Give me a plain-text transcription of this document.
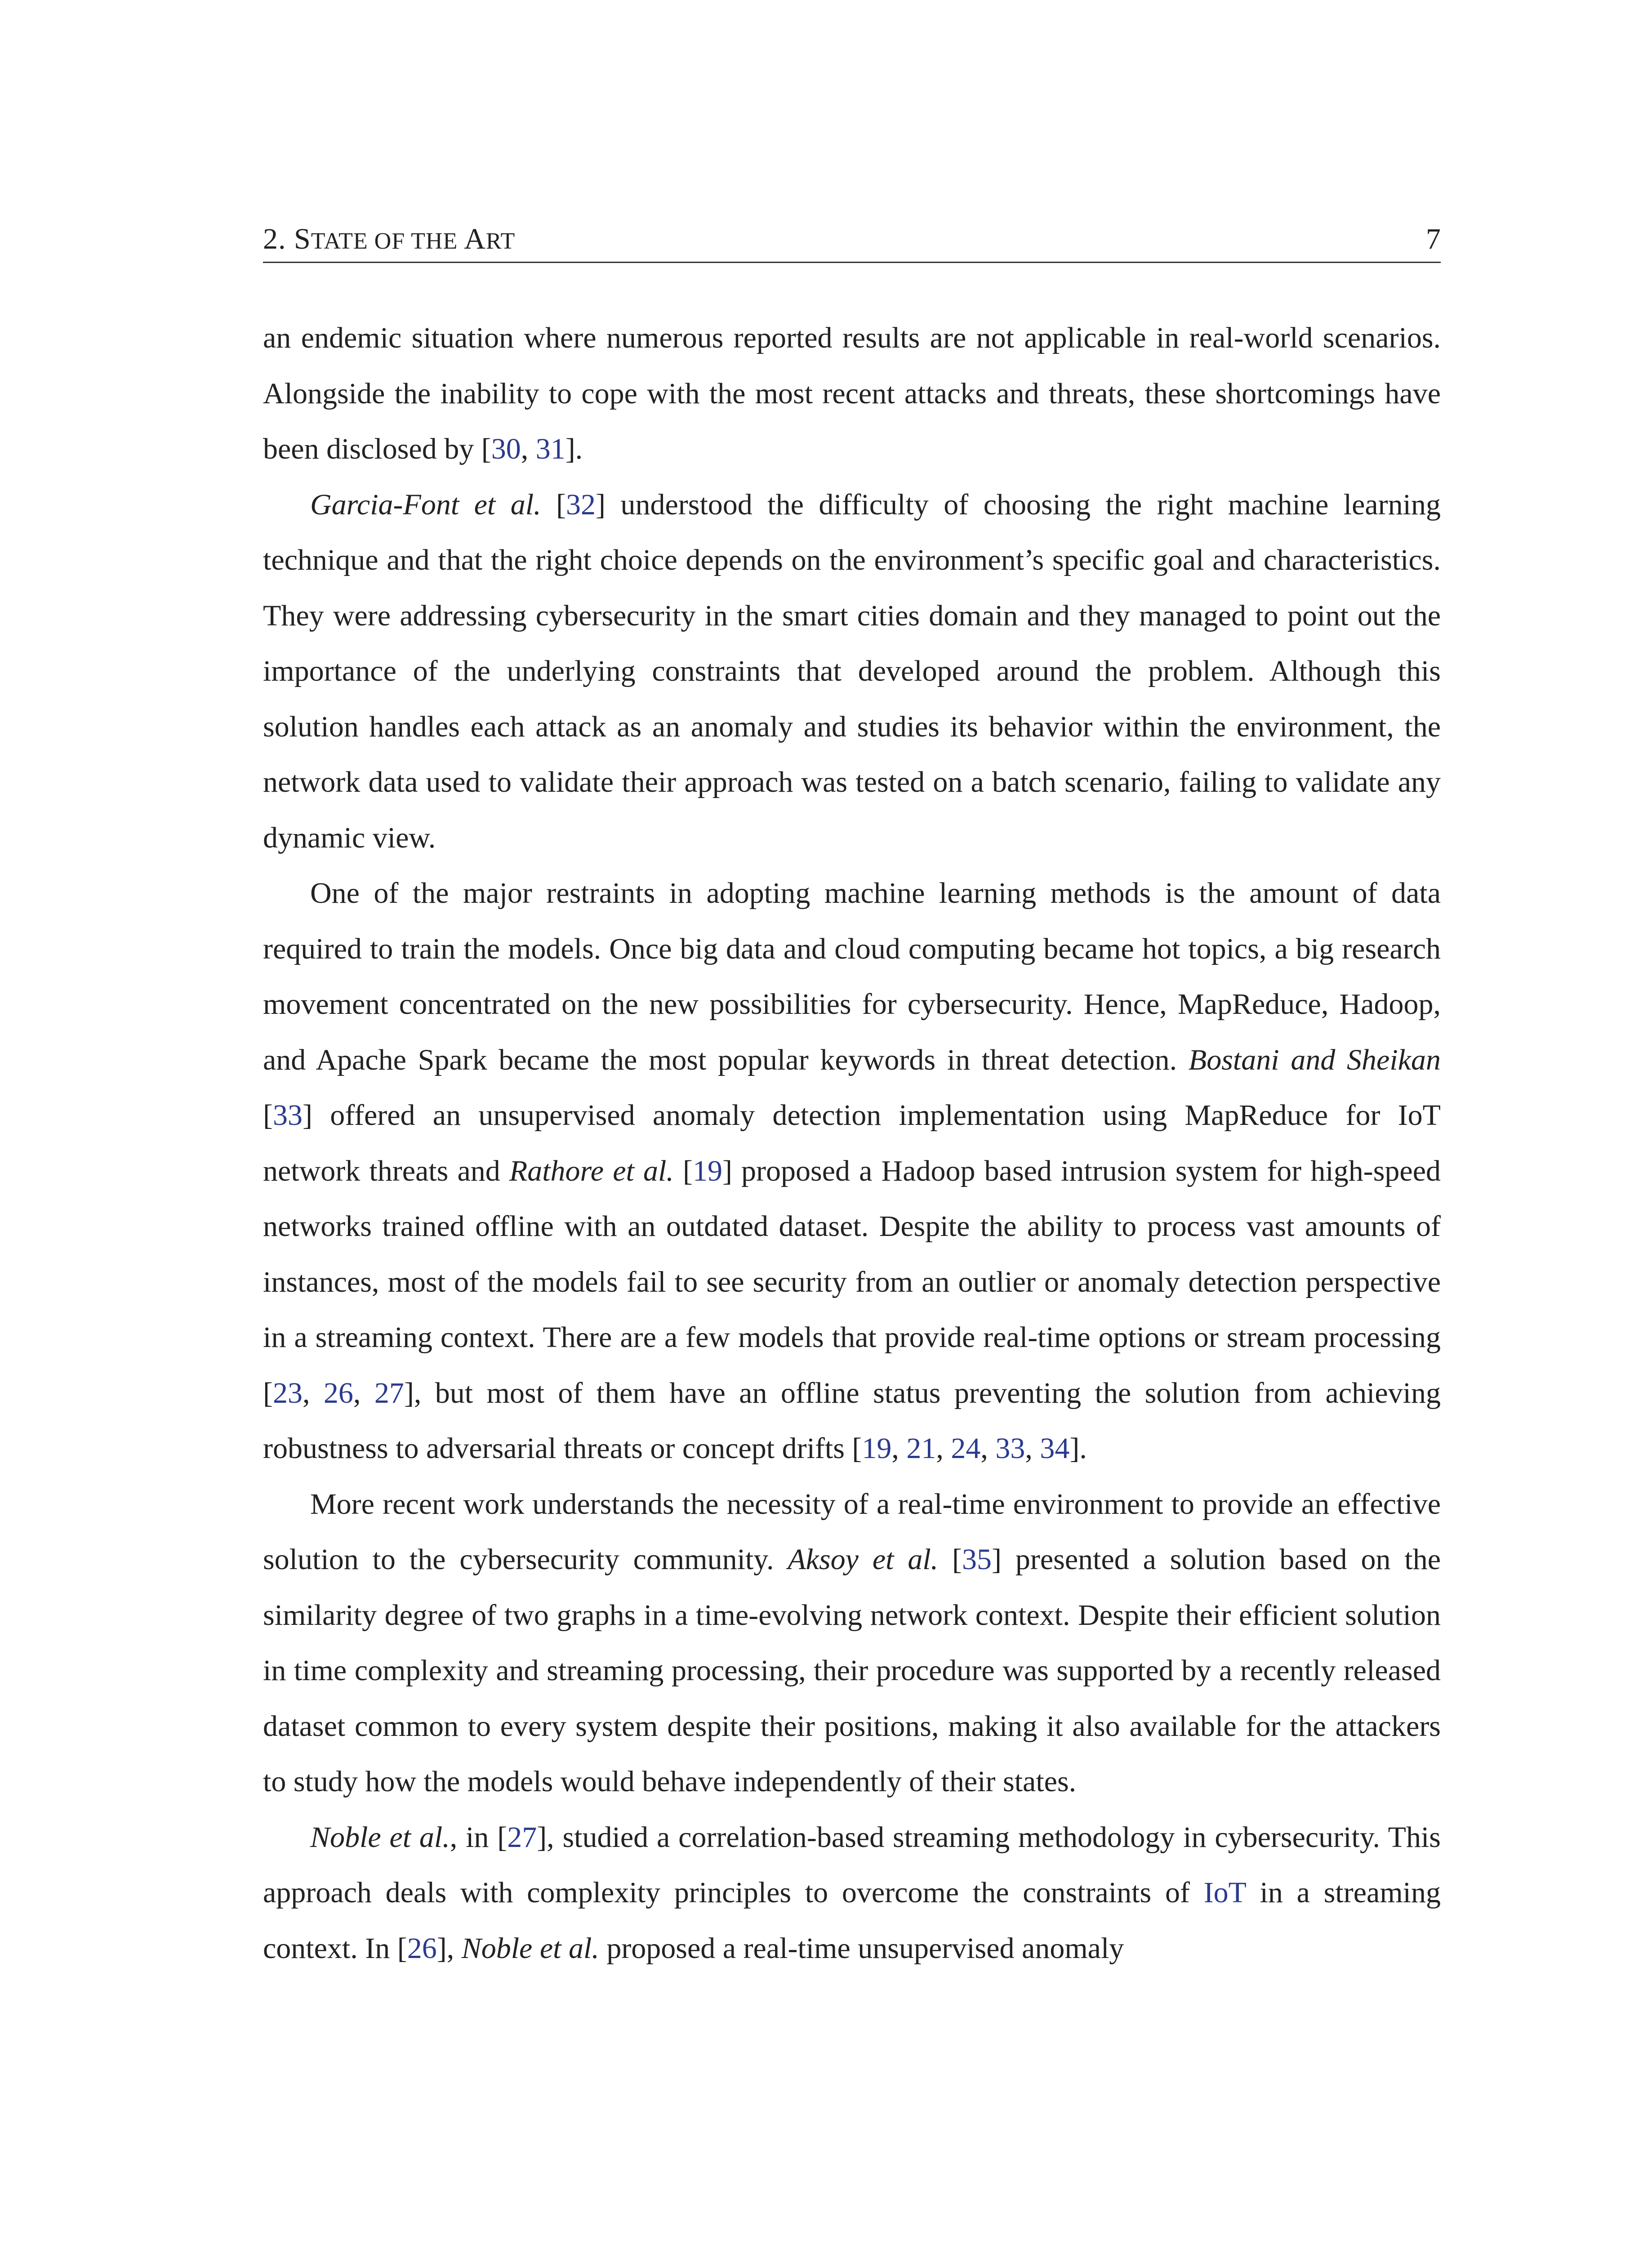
2. STATE OF THE ART	7

an endemic situation where numerous reported results are not applicable in real-world scenarios. Alongside the inability to cope with the most recent attacks and threats, these shortcomings have been disclosed by [30, 31].

Garcia-Font et al. [32] understood the difficulty of choosing the right machine learning technique and that the right choice depends on the environment’s specific goal and characteristics. They were addressing cybersecurity in the smart cities domain and they managed to point out the importance of the underlying constraints that developed around the problem. Although this solution handles each attack as an anomaly and studies its behavior within the environment, the network data used to validate their approach was tested on a batch scenario, failing to validate any dynamic view.

One of the major restraints in adopting machine learning methods is the amount of data required to train the models. Once big data and cloud computing became hot topics, a big research movement concentrated on the new possibilities for cybersecurity. Hence, MapReduce, Hadoop, and Apache Spark became the most popular keywords in threat detection. Bostani and Sheikan [33] offered an unsupervised anomaly detection implementation using MapReduce for IoT network threats and Rathore et al. [19] proposed a Hadoop based intrusion system for high-speed networks trained offline with an outdated dataset. Despite the ability to process vast amounts of instances, most of the models fail to see security from an outlier or anomaly detection perspective in a streaming context. There are a few models that provide real-time options or stream processing [23, 26, 27], but most of them have an offline status preventing the solution from achieving robustness to adversarial threats or concept drifts [19, 21, 24, 33, 34].

More recent work understands the necessity of a real-time environment to provide an effective solution to the cybersecurity community. Aksoy et al. [35] presented a solution based on the similarity degree of two graphs in a time-evolving network context. Despite their efficient solution in time complexity and streaming processing, their procedure was supported by a recently released dataset common to every system despite their positions, making it also available for the attackers to study how the models would behave independently of their states.

Noble et al., in [27], studied a correlation-based streaming methodology in cybersecurity. This approach deals with complexity principles to overcome the constraints of IoT in a streaming context. In [26], Noble et al. proposed a real-time unsupervised anomaly
